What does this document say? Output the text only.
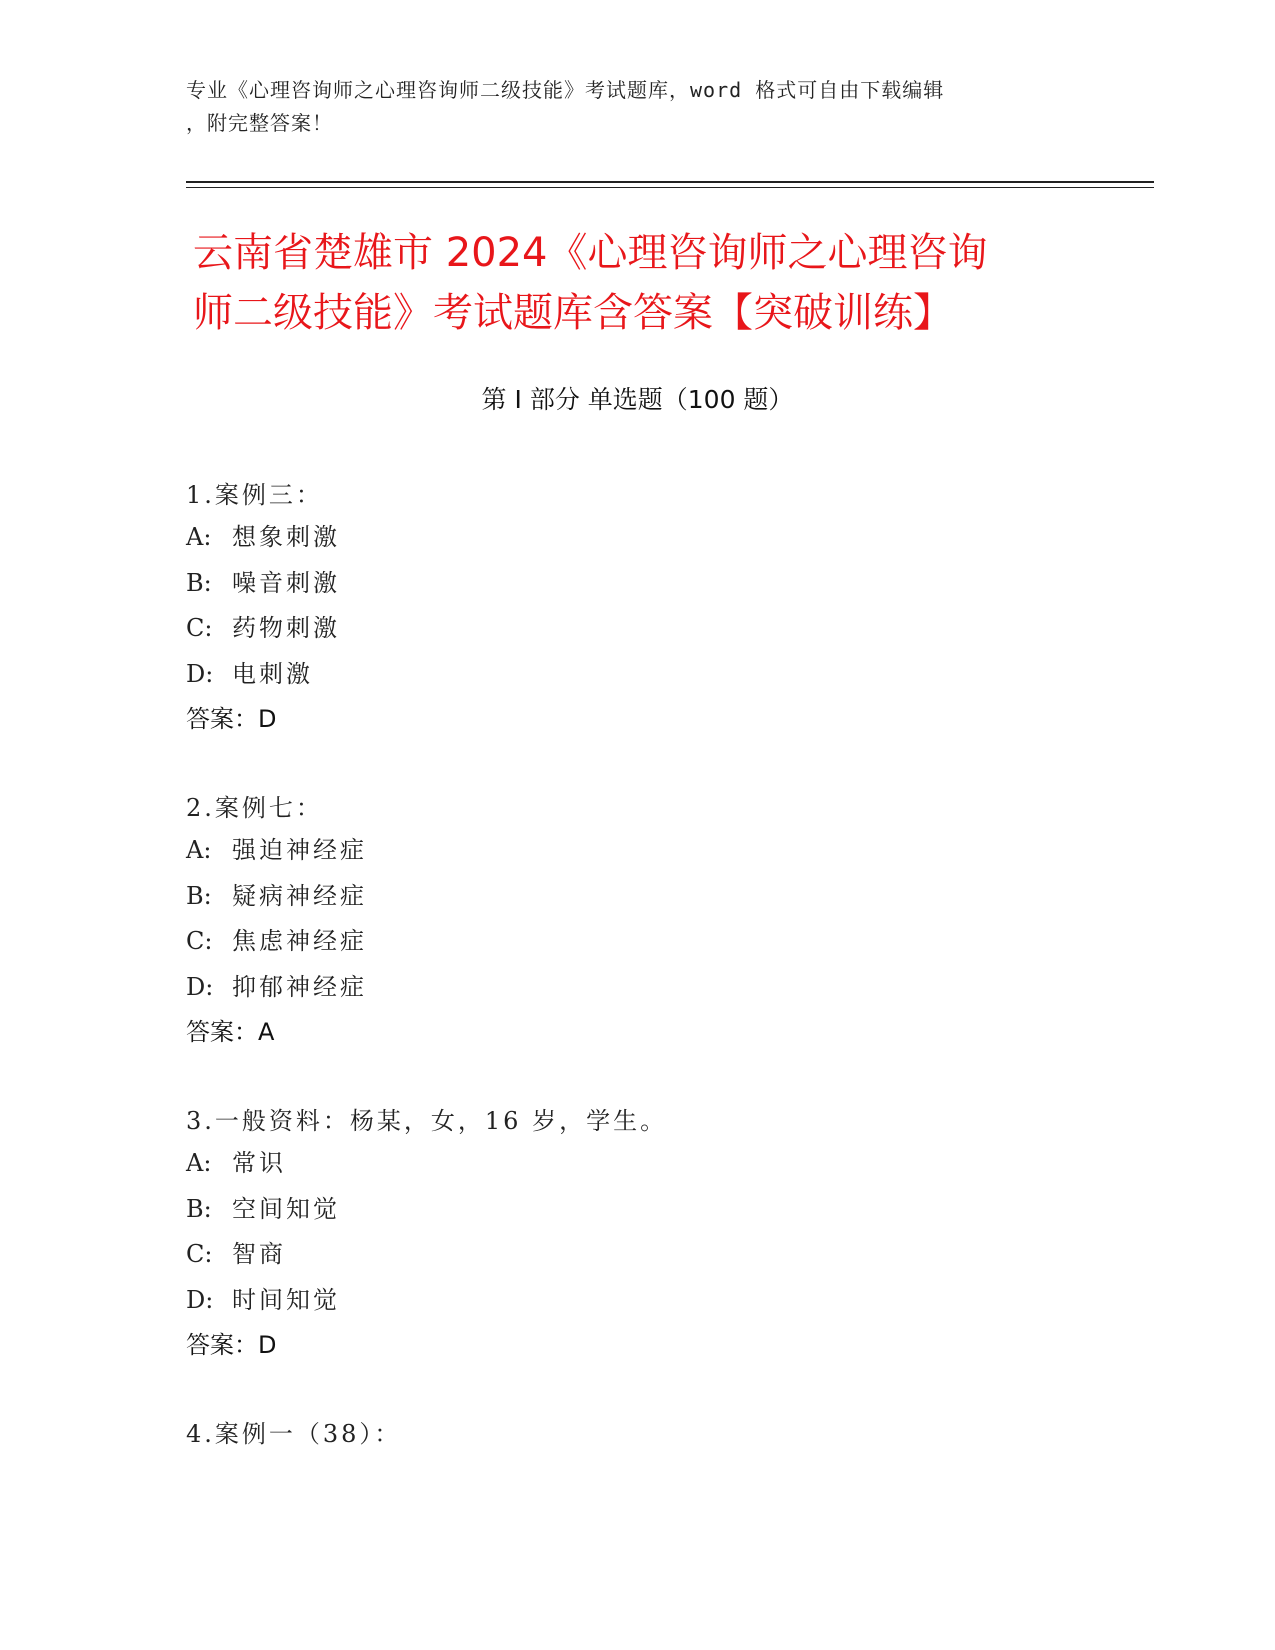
专业《心理咨询师之心理咨询师二级技能》考试题库，word 格式可自由下载编辑
，附完整答案！
云南省楚雄市 2024《心理咨询师之心理咨询
师二级技能》考试题库含答案【突破训练】
第 I 部分 单选题（100 题）
1.案例三：
A: 想象刺激
B: 噪音刺激
C: 药物刺激
D: 电刺激
答案：D
2.案例七：
A: 强迫神经症
B: 疑病神经症
C: 焦虑神经症
D: 抑郁神经症
答案：A
3.一般资料：杨某，女，16 岁，学生。
A: 常识
B: 空间知觉
C: 智商
D: 时间知觉
答案：D
4.案例一（38）：
